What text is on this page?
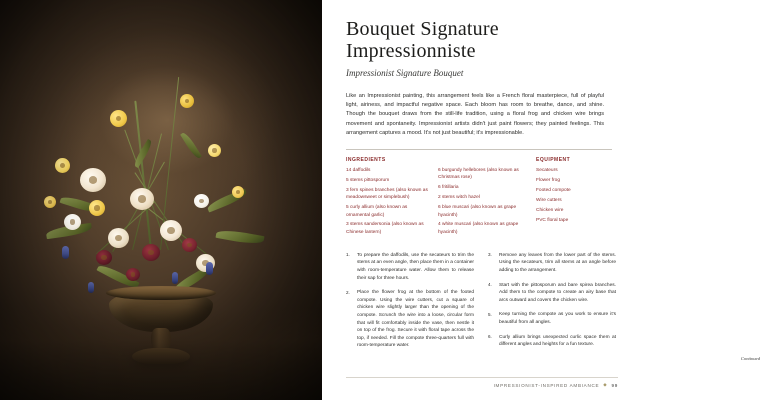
Bouquet Signature Impressionniste

Impressionist Signature Bouquet

Like an Impressionist painting, this arrangement feels like a French floral masterpiece, full of playful light, airiness, and impactful negative space. Each bloom has room to breathe, dance, and shine. Though the bouquet draws from the still-life tradition, using a floral frog and chicken wire brings movement and spontaneity. Impressionist artists didn't just paint flowers; they painted feelings. This arrangement captures a mood. It's not just beautiful; it's impressionable.

INGREDIENTS
14 daffodils
5 stems pittosporum
3 fern spines branches (also known as meadowsweet or simplebush)
5 curly allium (also known as ornamental garlic)
3 stems sandersonia (also known as Chinese lantern)
6 burgundy hellebores (also known as Christmas rose)
6 fritillaria
2 stems witch hazel
6 blue muscari (also known as grape hyacinth)
4 white muscari (also known as grape hyacinth)
EQUIPMENT
Secateurs
Flower frog
Footed compote
Wire cutters
Chicken wire
PVC floral tape
1.	To prepare the daffodils, use the secateurs to trim the stems at an even angle, then place them in a container with room-temperature water. Allow them to release their sap for three hours.
2.	Place the flower frog at the bottom of the footed compote. Using the wire cutters, cut a square of chicken wire slightly larger than the opening of the compote. Scrunch the wire into a loose, circular form that will fit comfortably inside the vase, then nestle it on top of the frog. Secure it with floral tape across the top, if needed. Fill the compote three-quarters full with room-temperature water.
3.	Remove any leaves from the lower part of the stems. Using the secateurs, trim all stems at an angle before adding to the arrangement.
4.	Start with the pittosporum and bare spirea branches. Add them to the compote to create an airy base that arcs outward and covers the chicken wire.
5.	Keep turning the compote as you work to ensure it's beautiful from all angles.
6.	Curly allium brings unexpected curlic space them at different angles and heights for a fun texture.
Continued
IMPRESSIONIST-INSPIRED AMBIANCE ◆ 99
